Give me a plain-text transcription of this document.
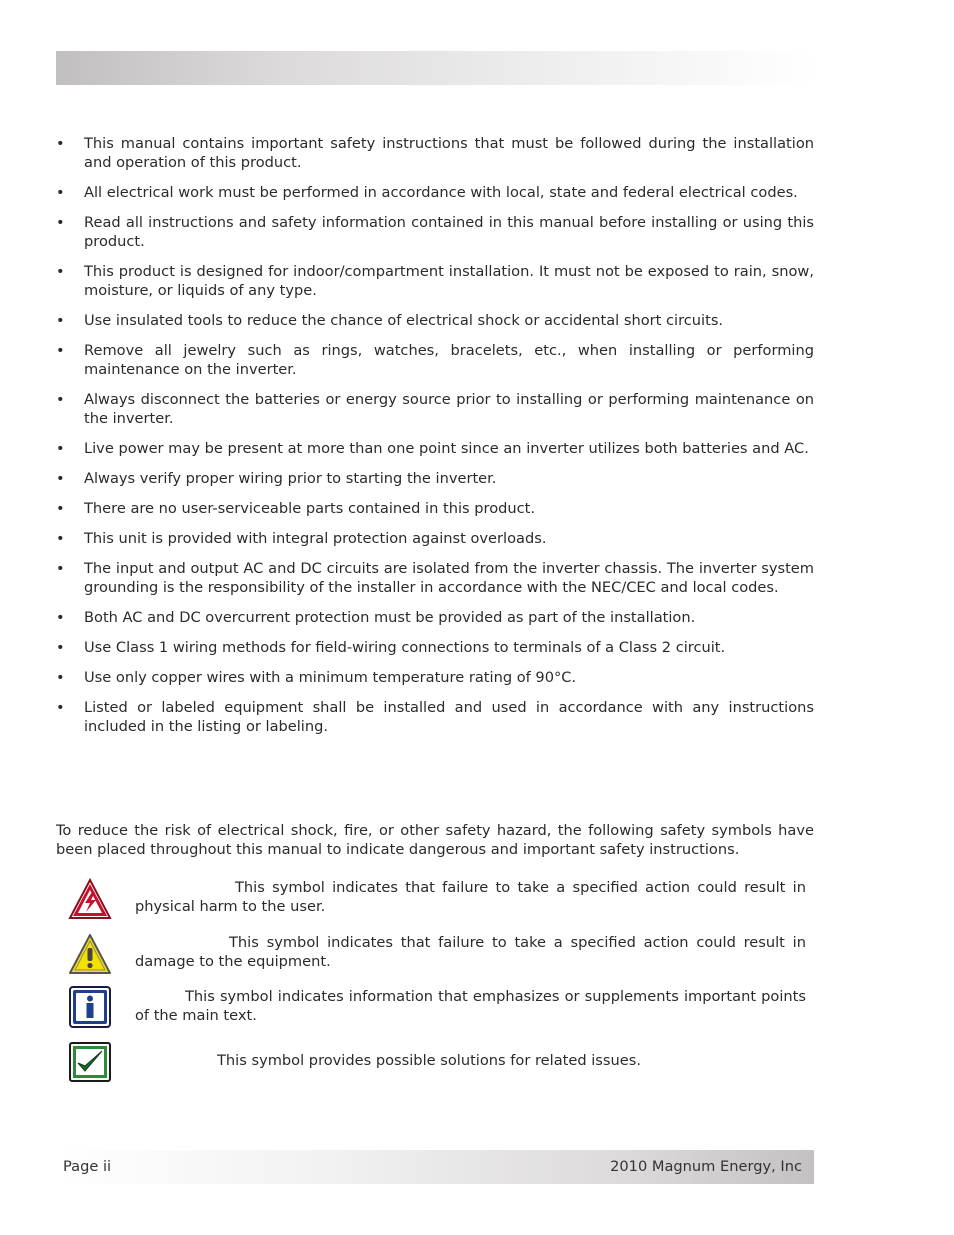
• This manual contains important safety instructions that must be followed during the installation and operation of this product.
• All electrical work must be performed in accordance with local, state and federal electrical codes.
• Read all instructions and safety information contained in this manual before installing or using this product.
• This product is designed for indoor/compartment installation. It must not be exposed to rain, snow, moisture, or liquids of any type.
• Use insulated tools to reduce the chance of electrical shock or accidental short circuits.
• Remove all jewelry such as rings, watches, bracelets, etc., when installing or performing maintenance on the inverter.
• Always disconnect the batteries or energy source prior to installing or performing maintenance on the inverter.
• Live power may be present at more than one point since an inverter utilizes both batteries and AC.
• Always verify proper wiring prior to starting the inverter.
• There are no user-serviceable parts contained in this product.
• This unit is provided with integral protection against overloads.
• The input and output AC and DC circuits are isolated from the inverter chassis. The inverter system grounding is the responsibility of the installer in accordance with the NEC/CEC and local codes.
• Both AC and DC overcurrent protection must be provided as part of the installation.
• Use Class 1 wiring methods for field-wiring connections to terminals of a Class 2 circuit.
• Use only copper wires with a minimum temperature rating of 90°C.
• Listed or labeled equipment shall be installed and used in accordance with any instructions included in the listing or labeling.

To reduce the risk of electrical shock, fire, or other safety hazard, the following safety symbols have been placed throughout this manual to indicate dangerous and important safety instructions.

This symbol indicates that failure to take a specified action could result in physical harm to the user.

This symbol indicates that failure to take a specified action could result in damage to the equipment.

This symbol indicates information that emphasizes or supplements important points of the main text.

This symbol provides possible solutions for related issues.

Page ii	2010 Magnum Energy, Inc
